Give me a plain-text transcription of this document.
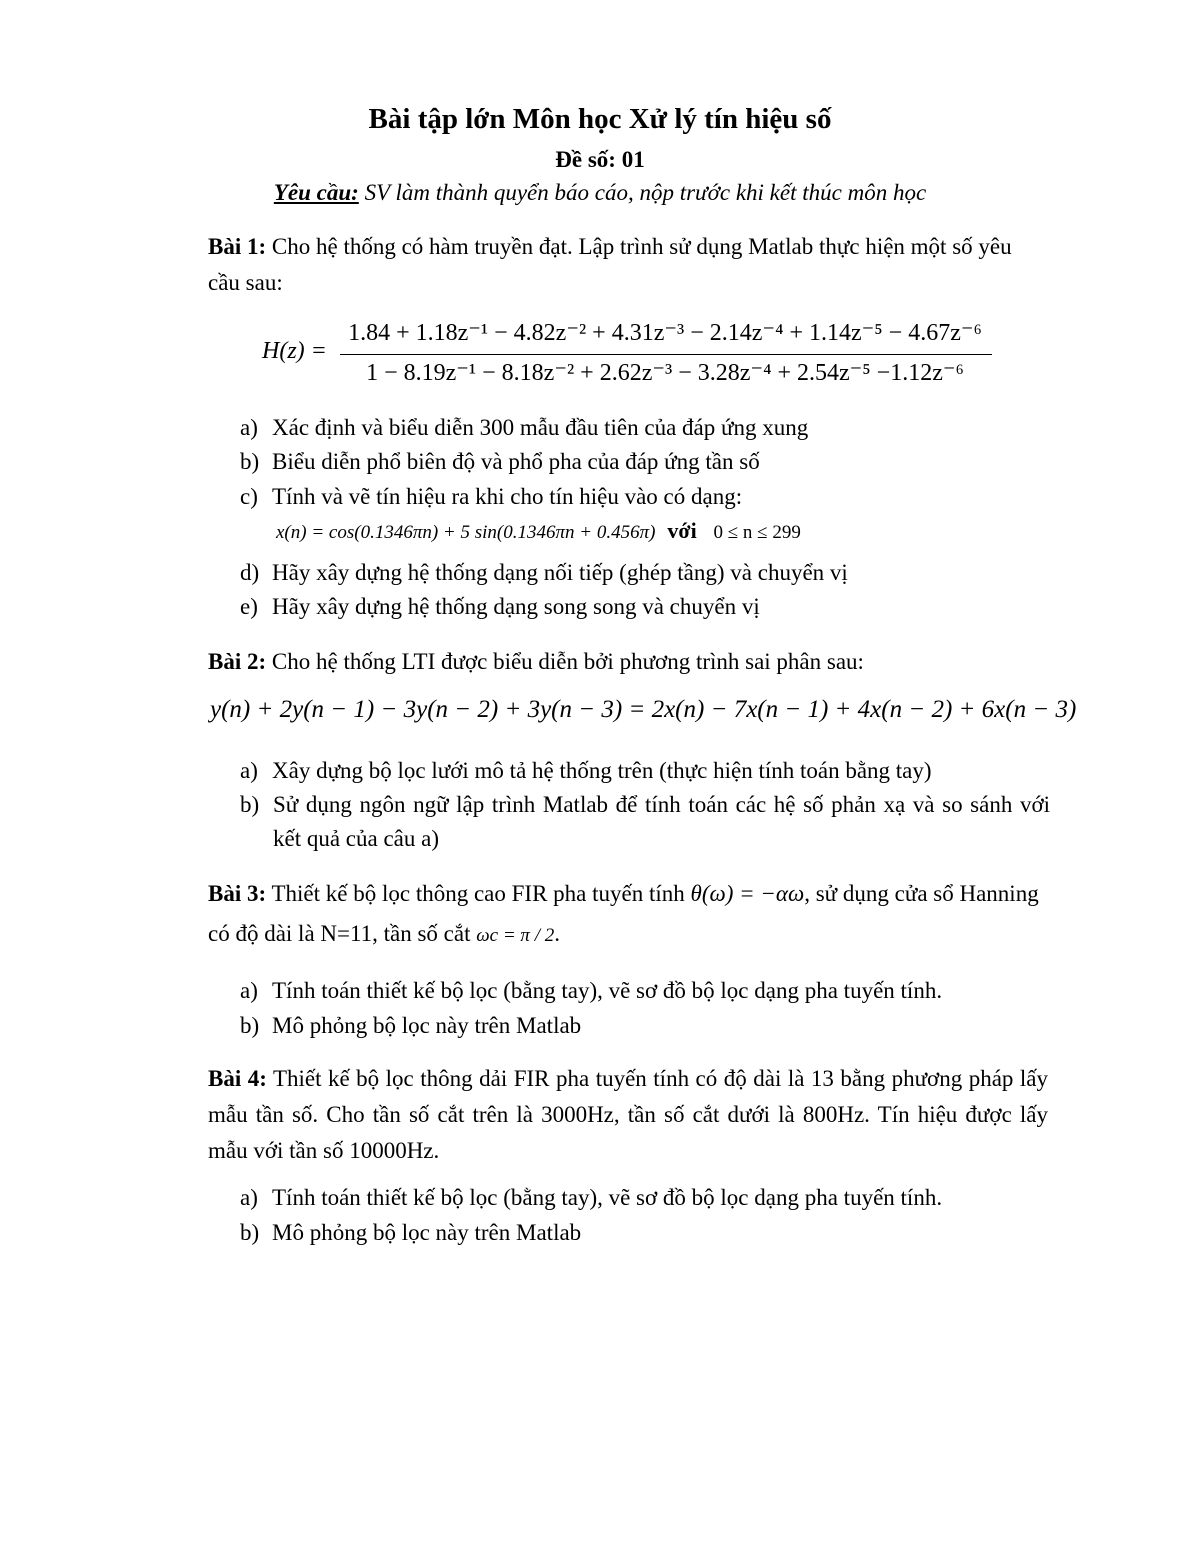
Bài tập lớn Môn học Xử lý tín hiệu số
Đề số: 01
Yêu cầu: SV làm thành quyển báo cáo, nộp trước khi kết thúc môn học
Bài 1: Cho hệ thống có hàm truyền đạt. Lập trình sử dụng Matlab thực hiện một số yêu cầu sau:
H(z) =
1.84 + 1.18z⁻¹ − 4.82z⁻² + 4.31z⁻³ − 2.14z⁻⁴ + 1.14z⁻⁵ − 4.67z⁻⁶
1 − 8.19z⁻¹ − 8.18z⁻² + 2.62z⁻³ − 3.28z⁻⁴ + 2.54z⁻⁵ −1.12z⁻⁶
a) Xác định và biểu diễn 300 mẫu đầu tiên của đáp ứng xung
b) Biểu diễn phổ biên độ và phổ pha của đáp ứng tần số
c) Tính và vẽ tín hiệu ra khi cho tín hiệu vào có dạng:
x(n) = cos(0.1346πn) + 5 sin(0.1346πn + 0.456π) với 0 ≤ n ≤ 299
d) Hãy xây dựng hệ thống dạng nối tiếp (ghép tầng) và chuyển vị
e) Hãy xây dựng hệ thống dạng song song và chuyển vị
Bài 2: Cho hệ thống LTI được biểu diễn bởi phương trình sai phân sau:
y(n) + 2y(n − 1) − 3y(n − 2) + 3y(n − 3) = 2x(n) − 7x(n − 1) + 4x(n − 2) + 6x(n − 3)
a) Xây dựng bộ lọc lưới mô tả hệ thống trên (thực hiện tính toán bằng tay)
b) Sử dụng ngôn ngữ lập trình Matlab để tính toán các hệ số phản xạ và so sánh với kết quả của câu a)
Bài 3: Thiết kế bộ lọc thông cao FIR pha tuyến tính θ(ω) = −αω, sử dụng cửa sổ Hanning có độ dài là N=11, tần số cắt ωc = π / 2.
a) Tính toán thiết kế bộ lọc (bằng tay), vẽ sơ đồ bộ lọc dạng pha tuyến tính.
b) Mô phỏng bộ lọc này trên Matlab
Bài 4: Thiết kế bộ lọc thông dải FIR pha tuyến tính có độ dài là 13 bằng phương pháp lấy mẫu tần số. Cho tần số cắt trên là 3000Hz, tần số cắt dưới là 800Hz. Tín hiệu được lấy mẫu với tần số 10000Hz.
a) Tính toán thiết kế bộ lọc (bằng tay), vẽ sơ đồ bộ lọc dạng pha tuyến tính.
b) Mô phỏng bộ lọc này trên Matlab
